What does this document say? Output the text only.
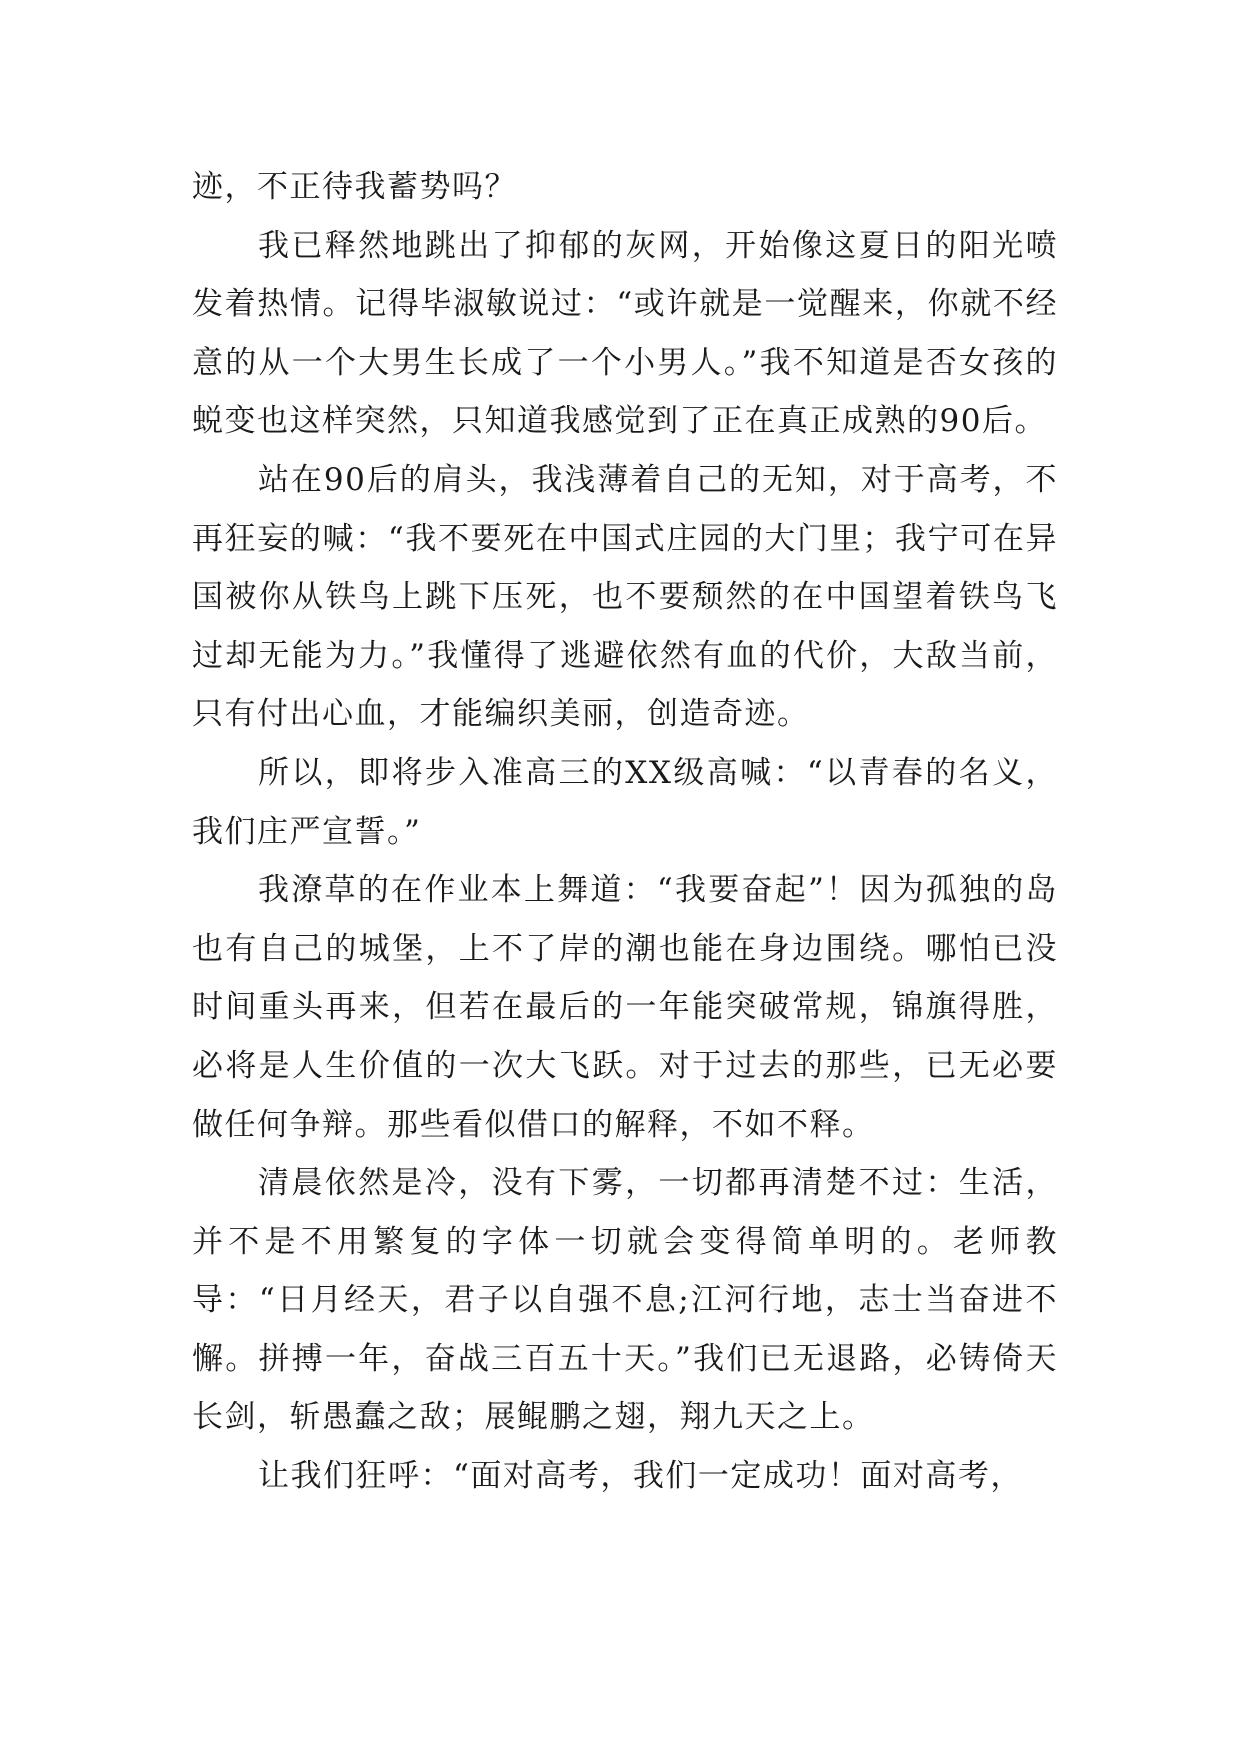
迹，不正待我蓄势吗？

我已释然地跳出了抑郁的灰网，开始像这夏日的阳光喷发着热情。记得毕淑敏说过：“或许就是一觉醒来，你就不经意的从一个大男生长成了一个小男人。”我不知道是否女孩的蜕变也这样突然，只知道我感觉到了正在真正成熟的90后。

站在90后的肩头，我浅薄着自己的无知，对于高考，不再狂妄的喊：“我不要死在中国式庄园的大门里；我宁可在异国被你从铁鸟上跳下压死，也不要颓然的在中国望着铁鸟飞过却无能为力。”我懂得了逃避依然有血的代价，大敌当前，只有付出心血，才能编织美丽，创造奇迹。

所以，即将步入准高三的XX级高喊：“以青春的名义，我们庄严宣誓。”

我潦草的在作业本上舞道：“我要奋起”！因为孤独的岛也有自己的城堡，上不了岸的潮也能在身边围绕。哪怕已没时间重头再来，但若在最后的一年能突破常规，锦旗得胜，必将是人生价值的一次大飞跃。对于过去的那些，已无必要做任何争辩。那些看似借口的解释，不如不释。

清晨依然是冷，没有下雾，一切都再清楚不过：生活，并不是不用繁复的字体一切就会变得简单明的。老师教导：“日月经天，君子以自强不息;江河行地，志士当奋进不懈。拼搏一年，奋战三百五十天。”我们已无退路，必铸倚天长剑，斩愚蠢之敌；展鲲鹏之翅，翔九天之上。

让我们狂呼：“面对高考，我们一定成功！面对高考，
